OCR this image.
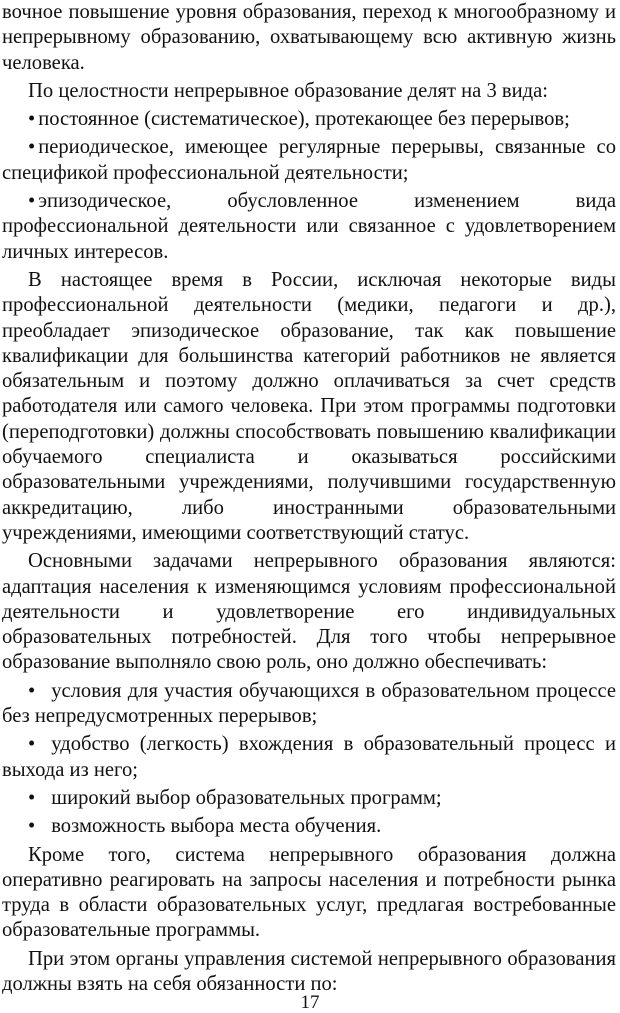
вочное повышение уровня образования, переход к многообразному и непрерывному образованию, охватывающему всю активную жизнь человека.
По целостности непрерывное образование делят на 3 вида:
• постоянное (систематическое), протекающее без перерывов;
• периодическое, имеющее регулярные перерывы, связанные со спецификой профессиональной деятельности;
• эпизодическое, обусловленное изменением вида профессиональной деятельности или связанное с удовлетворением личных интересов.
В настоящее время в России, исключая некоторые виды профессиональной деятельности (медики, педагоги и др.), преобладает эпизодическое образование, так как повышение квалификации для большинства категорий работников не является обязательным и поэтому должно оплачиваться за счет средств работодателя или самого человека. При этом программы подготовки (переподготовки) должны способствовать повышению квалификации обучаемого специалиста и оказываться российскими образовательными учреждениями, получившими государственную аккредитацию, либо иностранными образовательными учреждениями, имеющими соответствующий статус.
Основными задачами непрерывного образования являются: адаптация населения к изменяющимся условиям профессиональной деятельности и удовлетворение его индивидуальных образовательных потребностей. Для того чтобы непрерывное образование выполняло свою роль, оно должно обеспечивать:
• условия для участия обучающихся в образовательном процессе без непредусмотренных перерывов;
• удобство (легкость) вхождения в образовательный процесс и выхода из него;
• широкий выбор образовательных программ;
• возможность выбора места обучения.
Кроме того, система непрерывного образования должна оперативно реагировать на запросы населения и потребности рынка труда в области образовательных услуг, предлагая востребованные образовательные программы.
При этом органы управления системой непрерывного образования должны взять на себя обязанности по:
17
